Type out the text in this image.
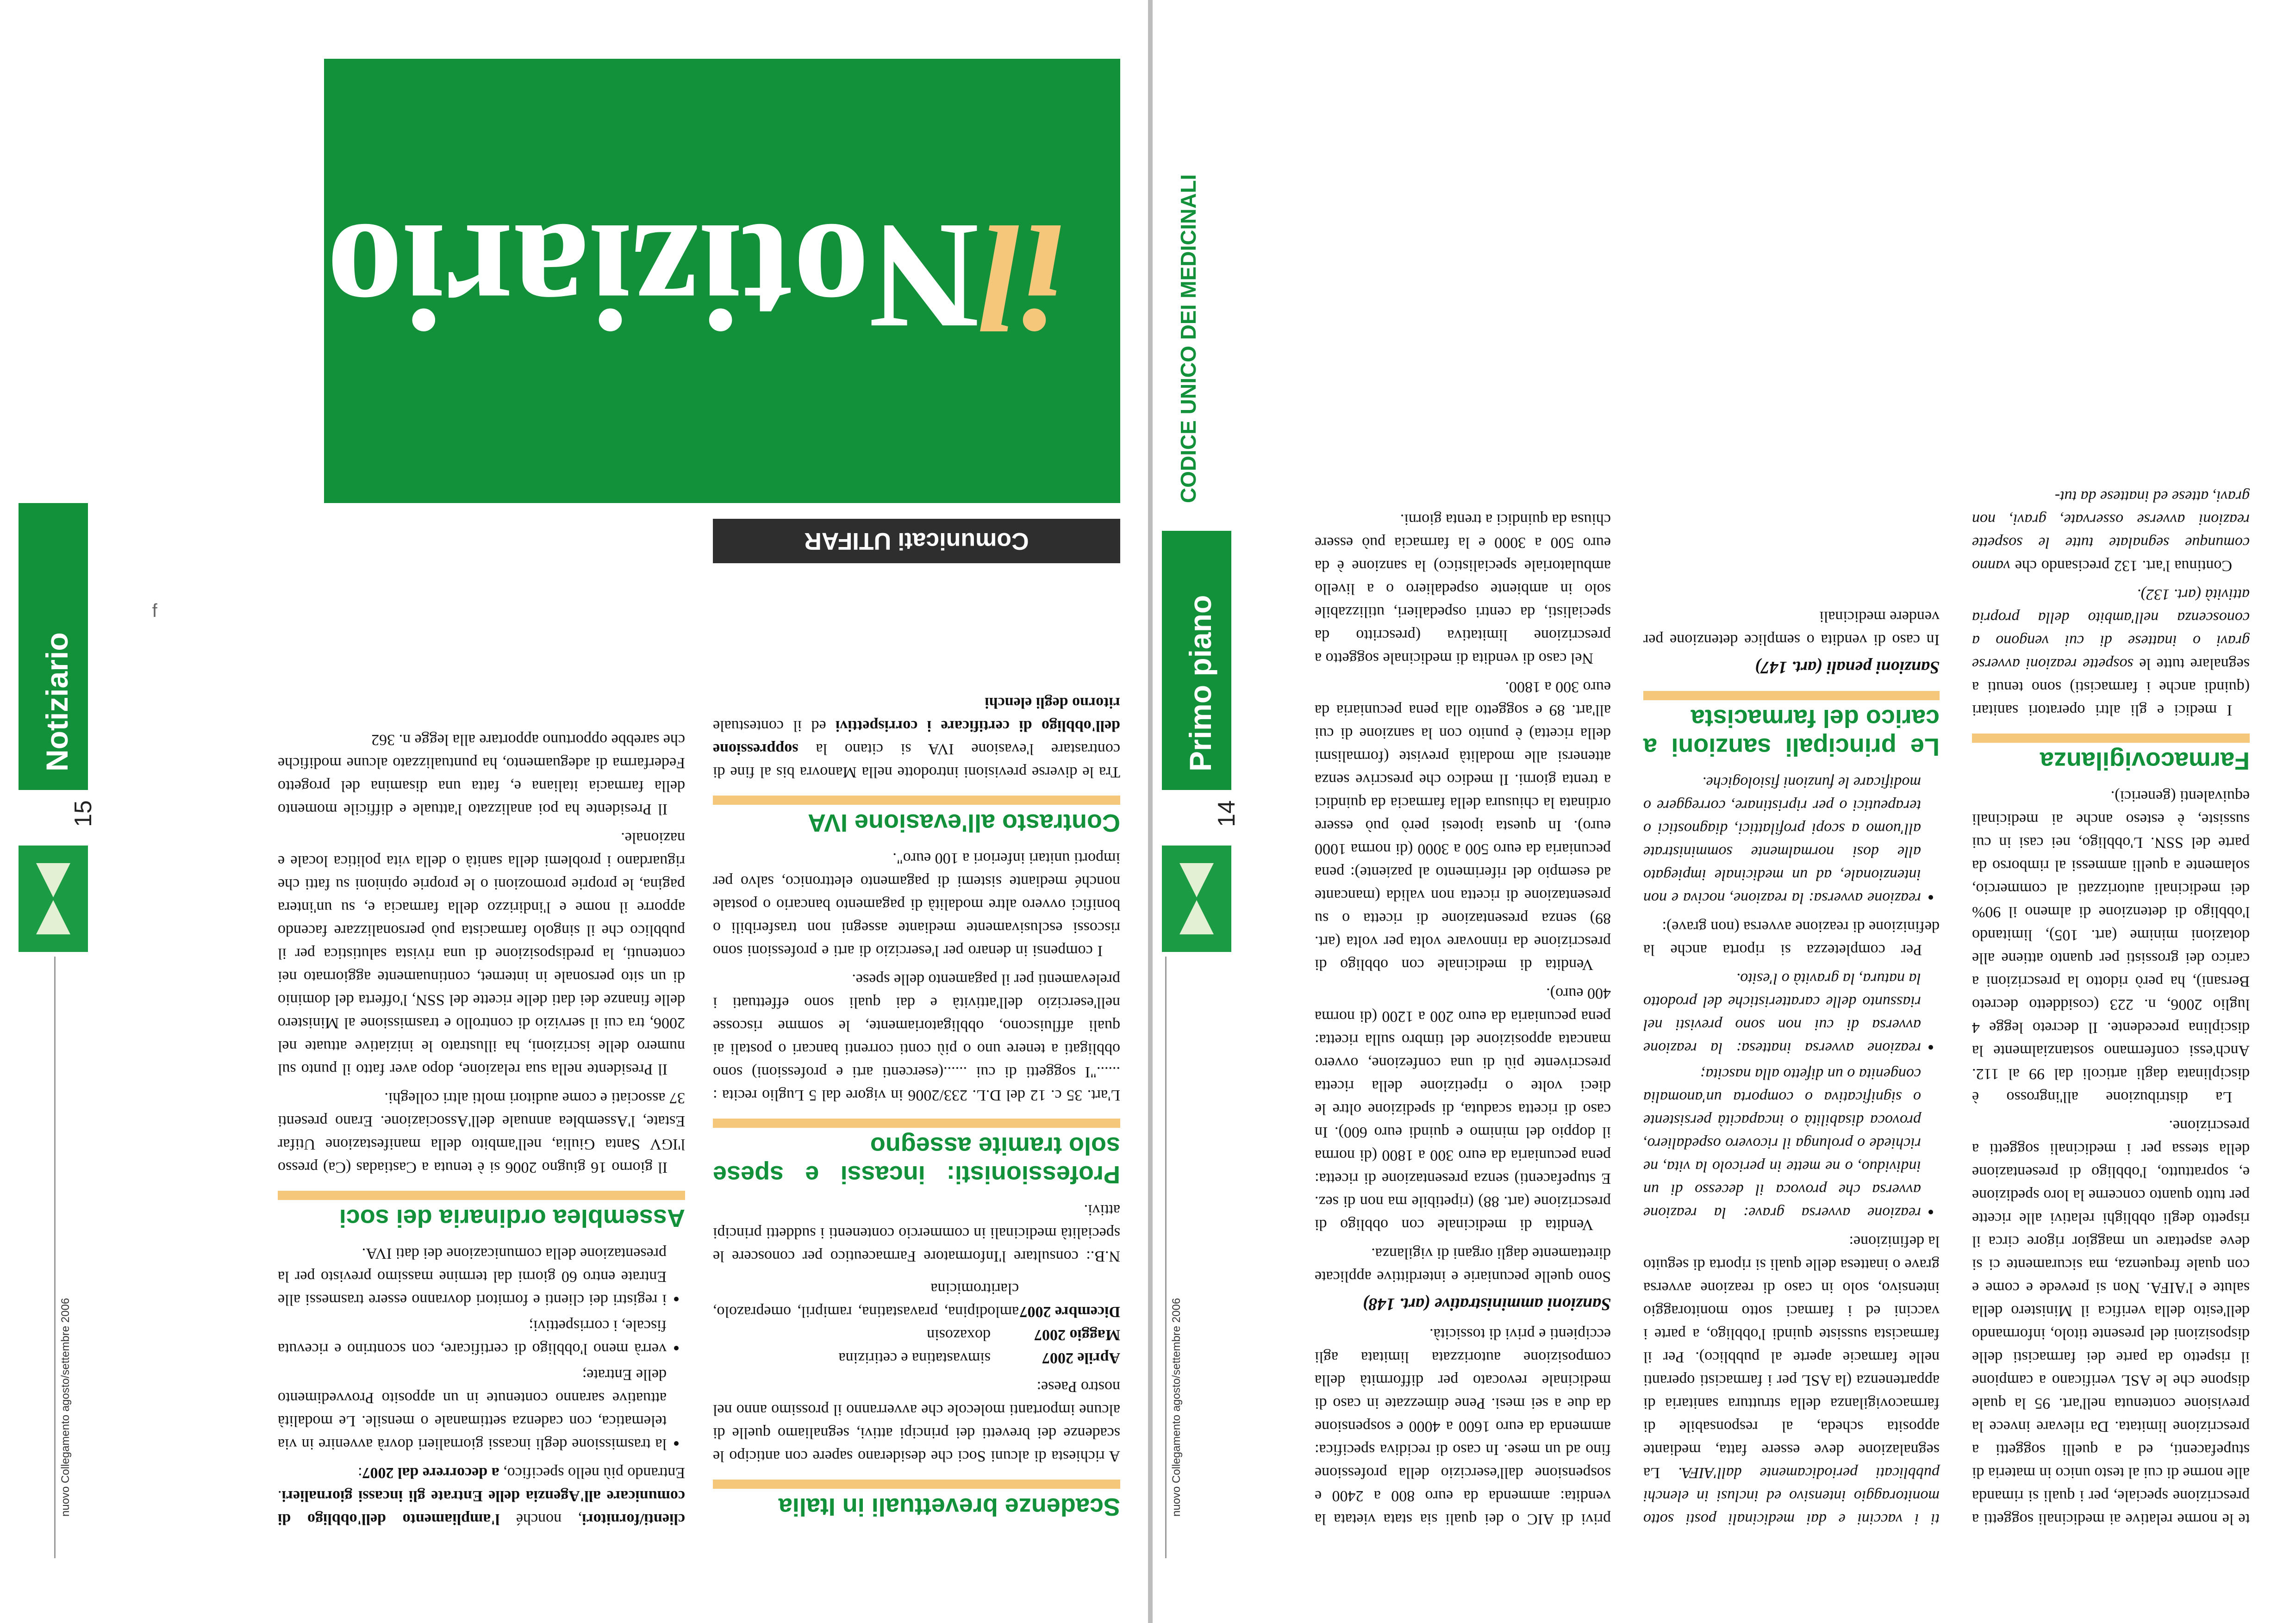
nuovo Collegamento agosto/settembre 2006
14
Primo piano
CODICE UNICO DEI MEDICINALI

te le norme relative ai medicinali soggetti a prescrizione speciale, per i quali si rimanda alle norme di cui al testo unico in materia di stupefacenti, ed a quelli soggetti a prescrizione limitata. Da rilevare invece la previsione contenuta nell'art. 95 la quale dispone che le ASL verificano a campione il rispetto da parte dei farmacisti delle disposizioni del presente titolo, informando dell'esito della verifica il Ministero della salute e l'AIFA. Non si prevede e come e con quale frequenza, ma sicuramente ci si deve aspettare un maggior rigore circa il rispetto degli obblighi relativi alle ricette per tutto quanto concerne la loro spedizione e, soprattutto, l'obbligo di presentazione della stessa per i medicinali soggetti a prescrizione.

La distribuzione all'ingrosso è disciplinata dagli articoli dal 99 al 112. Anch'essi confermano sostanzialmente la disciplina precedente. Il decreto legge 4 luglio 2006, n. 223 (cosiddetto decreto Bersani), ha però ridotto la prescrizioni a carico dei grossisti per quanto attiene alle dotazioni minime (art. 105), limitando l'obbligo di detenzione di almeno il 90% dei medicinali autorizzati al commercio, solamente a quelli ammessi al rimborso da parte del SSN. L'obbligo, nei casi in cui sussiste, è esteso anche ai medicinali equivalenti (generici).

Farmacovigilanza

I medici e gli altri operatori sanitari (quindi anche i farmacisti) sono tenuti a segnalare tutte le sospette reazioni avverse gravi o inattese di cui vengono a conoscenza nell'ambito della propria attività (art. 132).

Continua l'art. 132 precisando che vanno comunque segnalate tutte le sospette reazioni avverse osservate, gravi, non gravi, attese ed inattese da tut-

ti i vaccini e dai medicinali posti sotto monitoraggio intensivo ed inclusi in elenchi pubblicati periodicamente dall'AIFA. La segnalazione deve essere fatta, mediante apposita scheda, al responsabile di farmacovigilanza della struttura sanitaria di appartenenza (la ASL per i farmacisti operanti nelle farmacie aperte al pubblico). Per il farmacista sussiste quindi l'obbligo, a parte i vaccini ed i farmaci sotto monitoraggio intensivo, solo in caso di reazione avversa grave o inattesa delle quali si riporta di seguito la definizione:

• reazione avversa grave: la reazione avversa che provoca il decesso di un individuo, o ne mette in pericolo la vita, ne richiede o prolunga il ricovero ospedaliero, provoca disabilità o incapacità persistente o significativa o comporta un'anomalia congenita o un difetto alla nascita;
• reazione avversa inattesa: la reazione avversa di cui non sono previsti nel riassunto delle caratteristiche del prodotto la natura, la gravità o l'esito.

Per completezza si riporta anche la definizione di reazione avversa (non grave):

• reazione avversa: la reazione, nociva e non intenzionale, ad un medicinale impiegato alle dosi normalmente somministrate all'uomo a scopi profilattici, diagnostici o terapeutici o per ripristinare, correggere o modificare le funzioni fisiologiche.
Le principali sanzioni a carico del farmacista
Sanzioni penali (art. 147)

In caso di vendita o semplice detenzione per vendere medicinali

privi di AIC o dei quali sia stata vietata la vendita: ammenda da euro 800 a 2400 e sospensione dall'esercizio della professione fino ad un mese. In caso di recidiva specifica: ammenda da euro 1600 a 4000 e sospensione da due a sei mesi. Pene dimezzate in caso di medicinale revocato per difformità della composizione autorizzata limitata agli eccipienti e privi di tossicità.

Sanzioni amministrative (art. 148)

Sono quelle pecuniarie e interdittive applicate direttamente dagli organi di vigilanza.

Vendita di medicinale con obbligo di prescrizione (art. 88) (ripetibile ma non di sez. E stupefacenti) senza presentazione di ricetta: pena pecuniaria da euro 300 a 1800 (di norma il doppio del minimo e quindi euro 600). In caso di ricetta scaduta, di spedizione oltre le dieci volte o ripetizione della ricetta prescrivente più di una confezione, ovvero mancata apposizione del timbro sulla ricetta: pena pecuniaria da euro 200 a 1200 (di norma 400 euro).

Vendita di medicinale con obbligo di prescrizione da rinnovare volta per volta (art. 89) senza presentazione di ricetta o su presentazione di ricetta non valida (mancante ad esempio del riferimento al paziente): pena pecuniaria da euro 500 a 3000 (di norma 1000 euro). In questa ipotesi però può essere ordinata la chiusura della farmacia da quindici a trenta giorni. Il medico che prescrive senza attenersi alle modalità previste (formalismi della ricetta) è punito con la sanzione di cui all'art. 89 e soggetto alla pena pecuniaria da euro 300 a 1800.

Nel caso di vendita di medicinale soggetto a prescrizione limitativa (prescritto da specialisti, da centri ospedalieri, utilizzabile solo in ambiente ospedaliero o a livello ambulatoriale specialistico) la sanzione è da euro 500 a 3000 e la farmacia può essere chiusa da quindici a trenta giorni.

nuovo Collegamento agosto/settembre 2006
15
Notiziario
ilNotiziario
Comunicati UTIFAR
Scadenze brevettuali in Italia

A richiesta di alcuni Soci che desiderano sapere con anticipo le scadenze dei brevetti dei principi attivi, segnaliamo quelle di alcune importanti molecole che avverranno il prossimo anno nel nostro Paese:

Aprile 2007
simvastatina e cetirizina
Maggio 2007
doxazosin
Dicembre 2007
amlodipina, pravastatina, ramipril, omeprazolo, claritromicina

N.B.: consultare l'Informatore Farmaceutico per conoscere le specialità medicinali in commercio contenenti i suddetti principi attivi.

Professionisti: incassi e spese solo tramite assegno

L'art. 35 c. 12 del D.L. 233/2006 in vigore dal 5 Luglio recita : ......"I soggetti di cui ......(esercenti arti e professioni) sono obbligati a tenere uno o più conti correnti bancari o postali ai quali affluiscono, obbligatoriamente, le somme riscosse nell'esercizio dell'attività e dai quali sono effettuati i prelevamenti per il pagamento delle spese.

I compensi in denaro per l'esercizio di arti e professioni sono riscossi esclusivamente mediante assegni non trasferibili o bonifici ovvero altre modalità di pagamento bancario o postale nonché mediante sistemi di pagamento elettronico, salvo per importi unitari inferiori a 100 euro".

Contrasto all'evasione IVA

Tra le diverse previsioni introdotte nella Manovra bis al fine di contrastare l'evasione IVA si citano la soppressione dell'obbligo di certificare i corrispettivi ed il contestuale ritorno degli elenchi

clienti/fornitori, nonché l'ampliamento dell'obbligo di comunicare all'Agenzia delle Entrate gli incassi giornalieri. Entrando più nello specifico, a decorrere dal 2007:

• la trasmissione degli incassi giornalieri dovrà avvenire in via telematica, con cadenza settimanale o mensile. Le modalità attuative saranno contenute in un apposito Provvedimento delle Entrate;
• verrà meno l'obbligo di certificare, con scontrino e ricevuta fiscale, i corrispettivi;
• i registri dei clienti e fornitori dovranno essere trasmessi alle Entrate entro 60 giorni dal termine massimo previsto per la presentazione della comunicazione dei dati IVA.
Assemblea ordinaria dei soci

Il giorno 16 giugno 2006 si è tenuta a Castiadas (Ca) presso l'IGV Santa Giulia, nell'ambito della manifestazione Utifar Estate, l'Assemblea annuale dell'Associazione. Erano presenti 37 associati e come auditori molti altri colleghi.

Il Presidente nella sua relazione, dopo aver fatto il punto sul numero delle iscrizioni, ha illustrato le iniziative attuate nel 2006, tra cui il servizio di controllo e trasmissione al Ministero delle finanze dei dati delle ricette del SSN, l'offerta del dominio di un sito personale in internet, continuamente aggiornato nei contenuti, la predisposizione di una rivista salutistica per il pubblico che il singolo farmacista può personalizzare facendo apporre il nome e l'indirizzo della farmacia e, su un'intera pagina, le proprie promozioni o le proprie opinioni su fatti che riguardano i problemi della sanità o della vita politica locale e nazionale.

Il Presidente ha poi analizzato l'attuale e difficile momento della farmacia italiana e, fatta una disamina del progetto Federfarma di adeguamento, ha puntualizzato alcune modifiche che sarebbe opportuno apportare alla legge n. 362

ɟ
